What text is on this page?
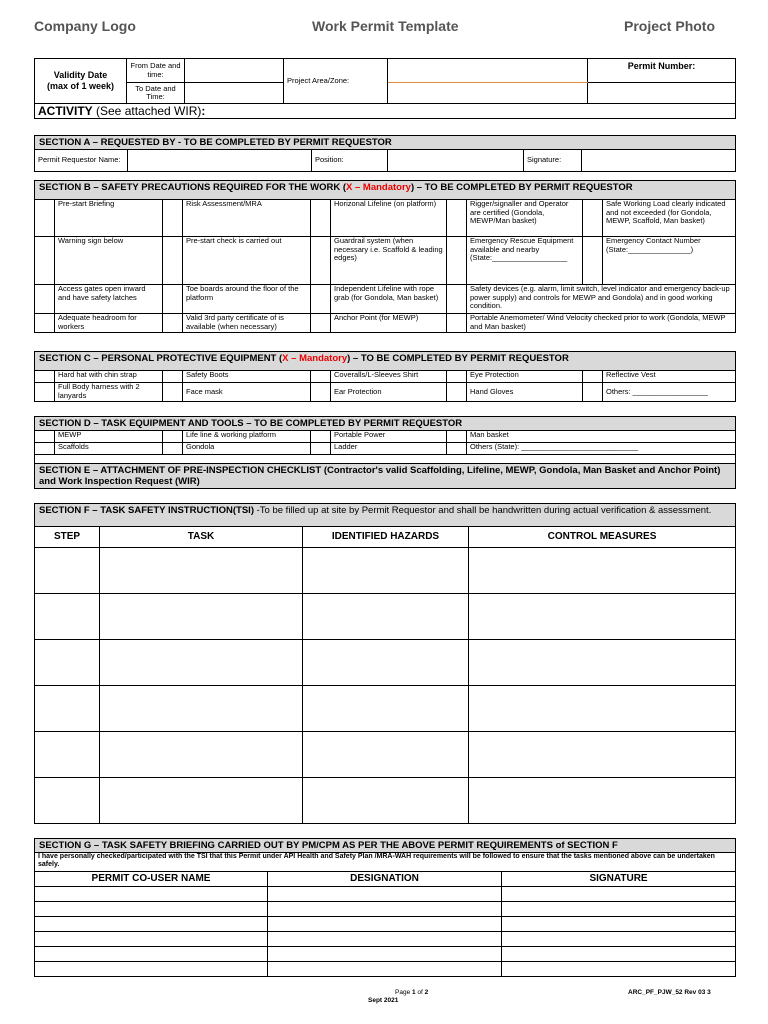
Company Logo	Work Permit Template	Project Photo
Validity Date
(max of 1 week)	From Date and time:		Project Area/Zone:		Permit Number:
	To Date and Time:				
ACTIVITY (See attached WIR):					
SECTION A – REQUESTED BY - TO BE COMPLETED BY PERMIT REQUESTOR
Permit Requestor Name:		Position:		Signature:	
SECTION B – SAFETY PRECAUTIONS REQUIRED FOR THE WORK (X – Mandatory) – TO BE COMPLETED BY PERMIT REQUESTOR									
	Pre-start Briefing		Risk Assessment/MRA		Horizonal Lifeline (on platform)		Rigger/signaller and Operator are certified (Gondola, MEWP/Man basket)		Safe Working Load clearly indicated and not exceeded (for Gondola, MEWP, Scaffold, Man basket)
	Warning sign below		Pre-start check is carried out		Guardrail system (when necessary i.e. Scaffold & leading edges)		Emergency Rescue Equipment available and nearby (State:__________________		Emergency Contact Number (State:_______________)
	Access gates open inward and have safety latches		Toe boards around the floor of the platform		Independent Lifeline with rope grab (for Gondola, Man basket)		Safety devices (e.g. alarm, limit switch, level indicator and emergency back-up power supply) and controls for MEWP and Gondola) and in good working condition.		
	Adequate headroom for workers		Valid 3rd party certificate of is available (when necessary)		Anchor Point (for MEWP)		Portable Anemometer/ Wind Velocity checked prior to work (Gondola, MEWP and Man basket)		
SECTION C – PERSONAL PROTECTIVE EQUIPMENT (X – Mandatory) – TO BE COMPLETED BY PERMIT REQUESTOR									
	Hard hat with chin strap		Safety Boots		Coveralls/L-Sleeves Shirt		Eye Protection		Reflective Vest
	Full Body harness with 2 lanyards		Face mask		Ear Protection		Hand Gloves		Others: __________________
SECTION D – TASK EQUIPMENT AND TOOLS – TO BE COMPLETED BY PERMIT REQUESTOR							
	MEWP		Life line & working platform		Portable Power		Man basket
	Scaffolds		Gondola		Ladder		Others (State): ____________________________

SECTION E – ATTACHMENT OF PRE-INSPECTION CHECKLIST (Contractor's valid Scaffolding, Lifeline, MEWP, Gondola, Man Basket and Anchor Point) and Work Inspection Request (WIR)							
SECTION F – TASK SAFETY INSTRUCTION(TSI) -To be filled up at site by Permit Requestor and shall be handwritten during actual verification & assessment.			
STEP	TASK	IDENTIFIED HAZARDS	CONTROL MEASURES

SECTION G – TASK SAFETY BRIEFING CARRIED OUT BY PM/CPM AS PER THE ABOVE PERMIT REQUIREMENTS of SECTION F		
I have personally checked/participated with the TSI that this Permit under API Health and Safety Plan /MRA-WAH requirements will be followed to ensure that the tasks mentioned above can be undertaken safely.		
PERMIT CO-USER NAME	DESIGNATION	SIGNATURE

Page 1 of 2
Sept 2021
ARC_PF_PJW_52 Rev 03 3
